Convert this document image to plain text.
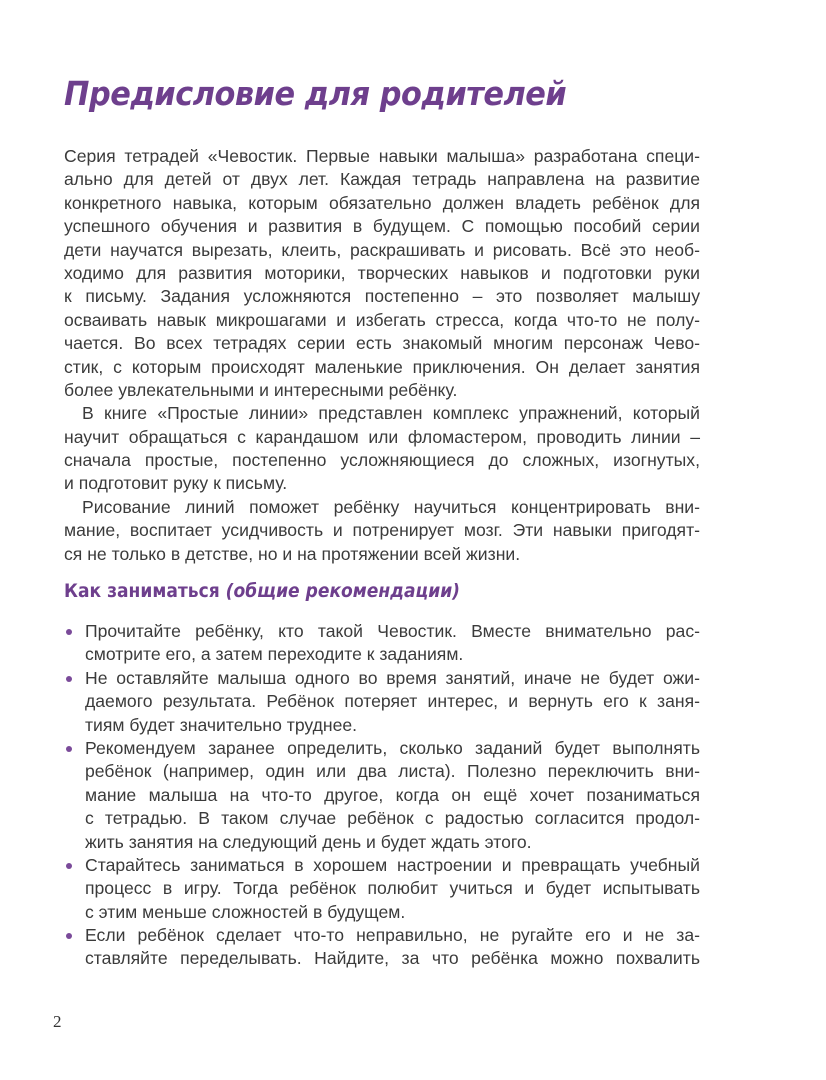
Предисловие для родителей
Серия тетрадей «Чевостик. Первые навыки малыша» разработана специ-
ально для детей от двух лет. Каждая тетрадь направлена на развитие
конкретного навыка, которым обязательно должен владеть ребёнок для
успешного обучения и развития в будущем. С помощью пособий серии
дети научатся вырезать, клеить, раскрашивать и рисовать. Всё это необ-
ходимо для развития моторики, творческих навыков и подготовки руки
к письму. Задания усложняются постепенно – это позволяет малышу
осваивать навык микрошагами и избегать стресса, когда что-то не полу-
чается. Во всех тетрадях серии есть знакомый многим персонаж Чево-
стик, с которым происходят маленькие приключения. Он делает занятия
более увлекательными и интересными ребёнку.
В книге «Простые линии» представлен комплекс упражнений, который
научит обращаться с карандашом или фломастером, проводить линии –
сначала простые, постепенно усложняющиеся до сложных, изогнутых,
и подготовит руку к письму.
Рисование линий поможет ребёнку научиться концентрировать вни-
мание, воспитает усидчивость и потренирует мозг. Эти навыки пригодят-
ся не только в детстве, но и на протяжении всей жизни.
Как заниматься (общие рекомендации)
Прочитайте ребёнку, кто такой Чевостик. Вместе внимательно рас-
смотрите его, а затем переходите к заданиям.
Не оставляйте малыша одного во время занятий, иначе не будет ожи-
даемого результата. Ребёнок потеряет интерес, и вернуть его к заня-
тиям будет значительно труднее.
Рекомендуем заранее определить, сколько заданий будет выполнять
ребёнок (например, один или два листа). Полезно переключить вни-
мание малыша на что-то другое, когда он ещё хочет позаниматься
с тетрадью. В таком случае ребёнок с радостью согласится продол-
жить занятия на следующий день и будет ждать этого.
Старайтесь заниматься в хорошем настроении и превращать учебный
процесс в игру. Тогда ребёнок полюбит учиться и будет испытывать
с этим меньше сложностей в будущем.
Если ребёнок сделает что-то неправильно, не ругайте его и не за-
ставляйте переделывать. Найдите, за что ребёнка можно похвалить
2
